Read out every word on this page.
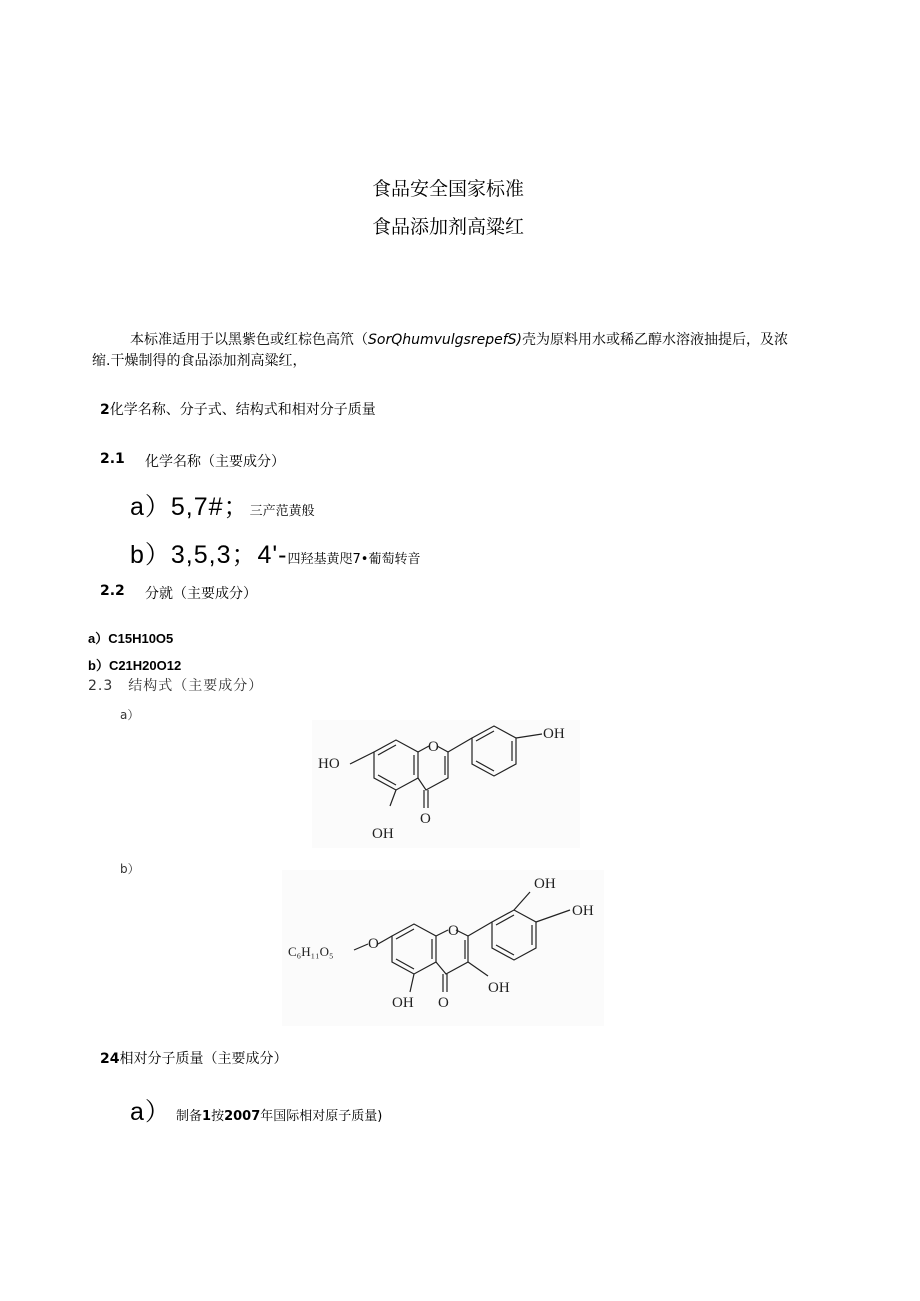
食品安全国家标准
食品添加剂高粱红
本标准适用于以黑紫色或红棕色高笊（SorQhumvulgsrepefS)壳为原料用水或稀乙醇水溶液抽提后，及浓
缩.干燥制得的食品添加剂高粱红，
2化学名称、分子式、结构式和相对分子质量
2.1 化学名称（主要成分）
a）5,7#；三产范黄般
b）3,5,3；4'-四羟基黄咫7•葡萄转音
2.2 分就（主要成分）
a）C15H10O5
b）C21H20O12
2.3　结构式（主要成分）
a）
O
O
OH
HO
OH
b）
O
O
OH
OH
O
C₆H₁₁O₅
OH
OH
24相对分子质量（主要成分）
a） 制备1按2007年国际相对原子质量)
